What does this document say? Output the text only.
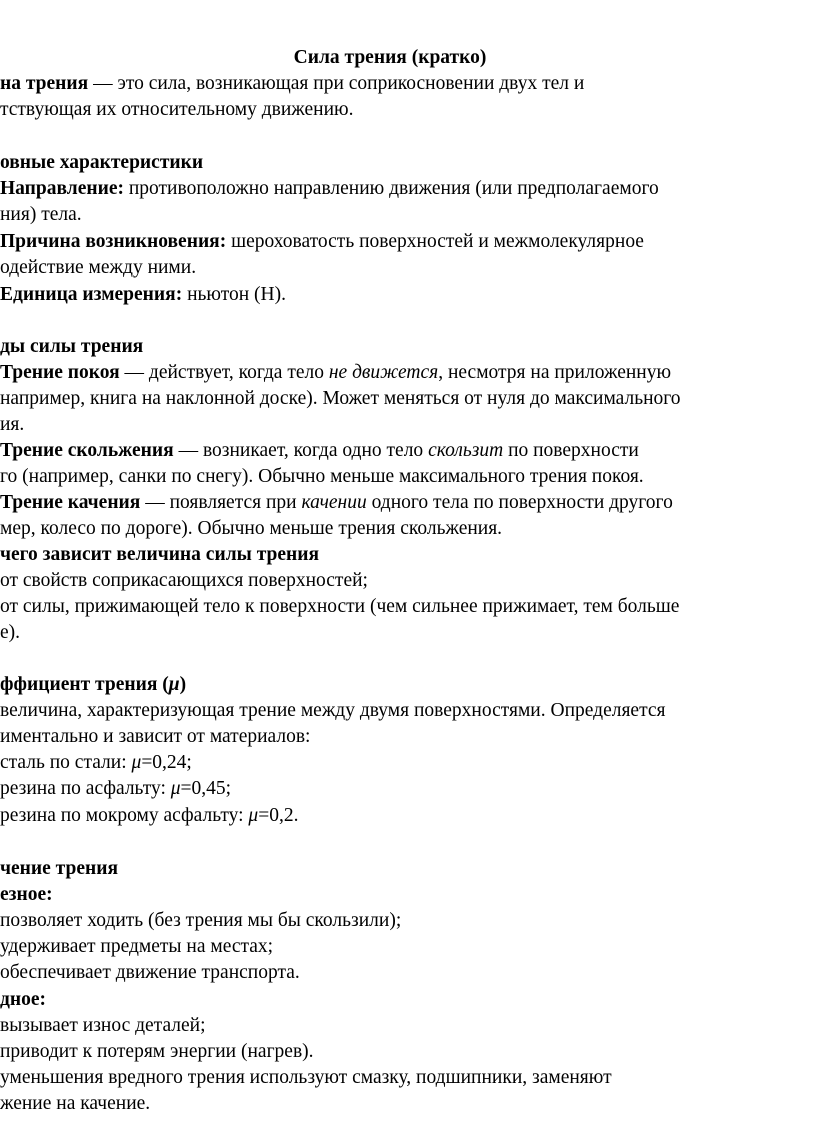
Сила трения (кратко)
на трения — это сила, возникающая при соприкосновении двух тел и
тствующая их относительному движению.
овные характеристики
Направление: противоположно направлению движения (или предполагаемого
ния) тела.
Причина возникновения: шероховатость поверхностей и межмолекулярное
одействие между ними.
Единица измерения: ньютон (Н).
ды силы трения
Трение покоя — действует, когда тело не движется, несмотря на приложенную
например, книга на наклонной доске). Может меняться от нуля до максимального
ия.
Трение скольжения — возникает, когда одно тело скользит по поверхности
го (например, санки по снегу). Обычно меньше максимального трения покоя.
Трение качения — появляется при качении одного тела по поверхности другого
мер, колесо по дороге). Обычно меньше трения скольжения.
чего зависит величина силы трения
от свойств соприкасающихся поверхностей;
от силы, прижимающей тело к поверхности (чем сильнее прижимает, тем больше
е).
ффициент трения (μ)
величина, характеризующая трение между двумя поверхностями. Определяется
иментально и зависит от материалов:
сталь по стали: μ=0,24;
резина по асфальту: μ=0,45;
резина по мокрому асфальту: μ=0,2.
чение трения
езное:
позволяет ходить (без трения мы бы скользили);
удерживает предметы на местах;
обеспечивает движение транспорта.
дное:
вызывает износ деталей;
приводит к потерям энергии (нагрев).
уменьшения вредного трения используют смазку, подшипники, заменяют
жение на качение.
